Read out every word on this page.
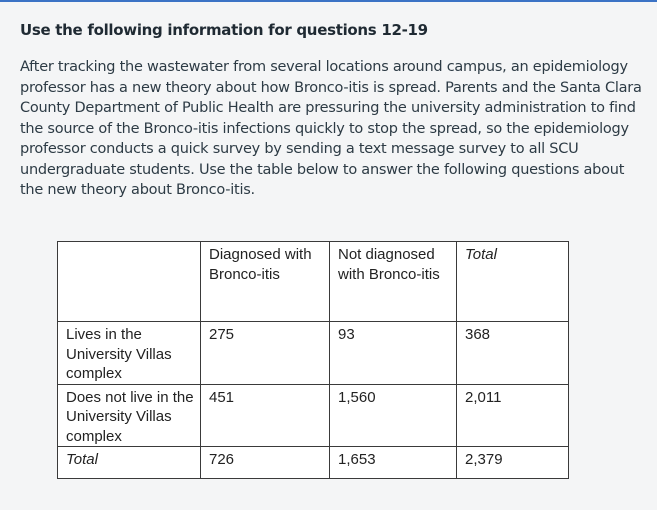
Use the following information for questions 12-19

After tracking the wastewater from several locations around campus, an epidemiology professor has a new theory about how Bronco-itis is spread. Parents and the Santa Clara County Department of Public Health are pressuring the university administration to find the source of the Bronco-itis infections quickly to stop the spread, so the epidemiology professor conducts a quick survey by sending a text message survey to all SCU undergraduate students. Use the table below to answer the following questions about the new theory about Bronco-itis.

	Diagnosed with Bronco-itis	Not diagnosed with Bronco-itis	Total
Lives in the University Villas complex	275	93	368
Does not live in the University Villas complex	451	1,560	2,011
Total	726	1,653	2,379
